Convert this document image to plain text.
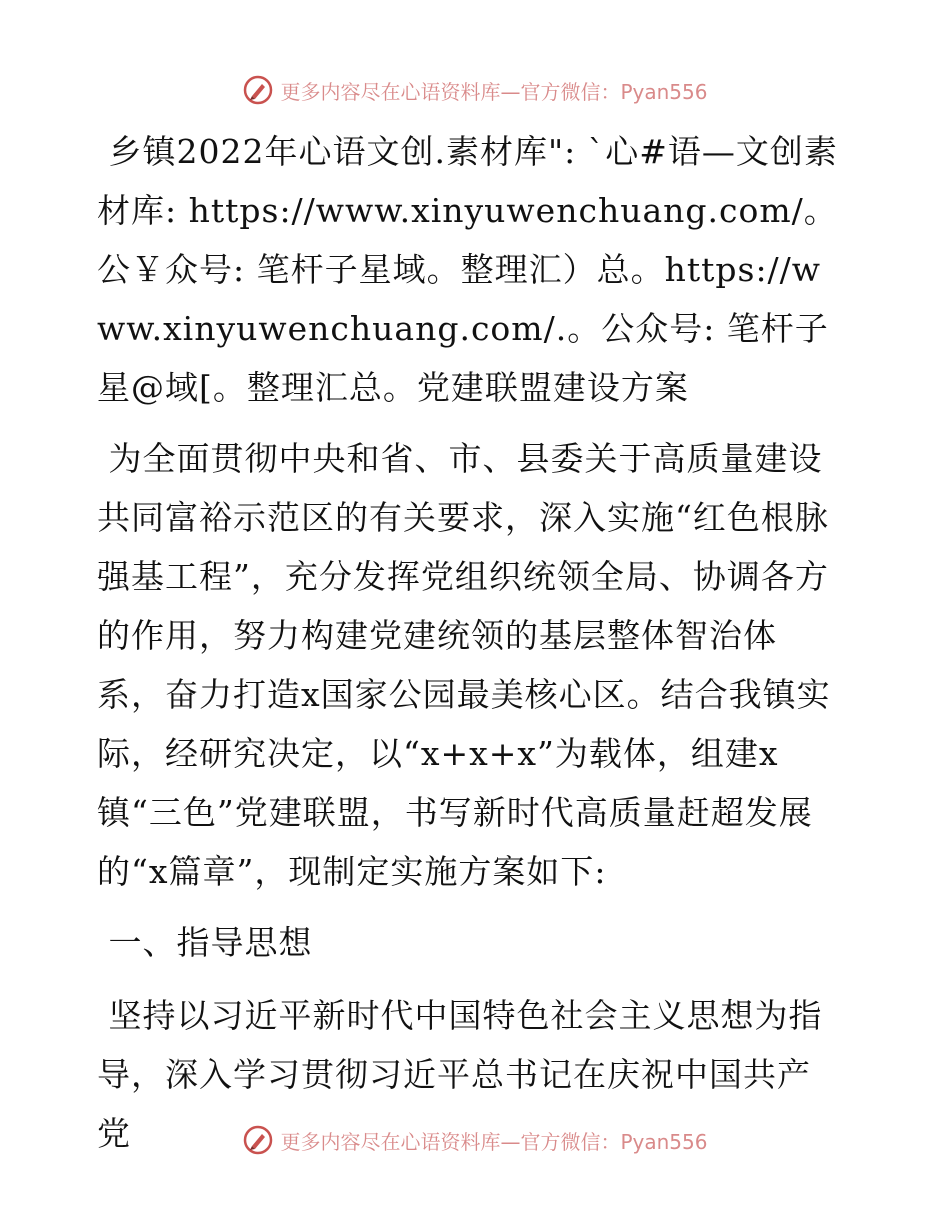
更多内容尽在心语资料库—官方微信：Pyan556

乡镇2022年心语文创.素材库": `心#语—文创素材库: https://www.xinyuwenchuang.com/。公￥众号: 笔杆子星域。整理汇）总。https://www.xinyuwenchuang.com/.。公众号: 笔杆子星@域[。整理汇总。党建联盟建设方案

为全面贯彻中央和省、市、县委关于高质量建设共同富裕示范区的有关要求，深入实施“红色根脉强基工程”，充分发挥党组织统领全局、协调各方的作用，努力构建党建统领的基层整体智治体系，奋力打造x国家公园最美核心区。结合我镇实际，经研究决定，以“x+x+x”为载体，组建x镇“三色”党建联盟，书写新时代高质量赶超发展的“x篇章”，现制定实施方案如下:

一、指导思想

坚持以习近平新时代中国特色社会主义思想为指导，深入学习贯彻习近平总书记在庆祝中国共产党	更多内容尽在心语资料库—官方微信：Pyan556
